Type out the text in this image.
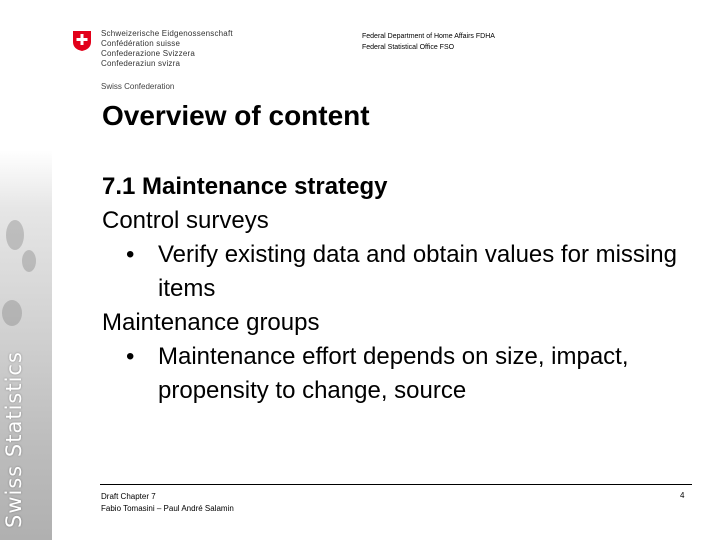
Swiss Statistics
Schweizerische Eidgenossenschaft
Confédération suisse
Confederazione Svizzera
Confederaziun svizra
Swiss Confederation
Federal Department of Home Affairs FDHA
Federal Statistical Office FSO
Overview of content
7.1 Maintenance strategy
Control surveys
• Verify existing data and obtain values for missing items
Maintenance groups
• Maintenance effort depends on size, impact, propensity to change, source
Draft Chapter 7
Fabio Tomasini – Paul André Salamin
4
